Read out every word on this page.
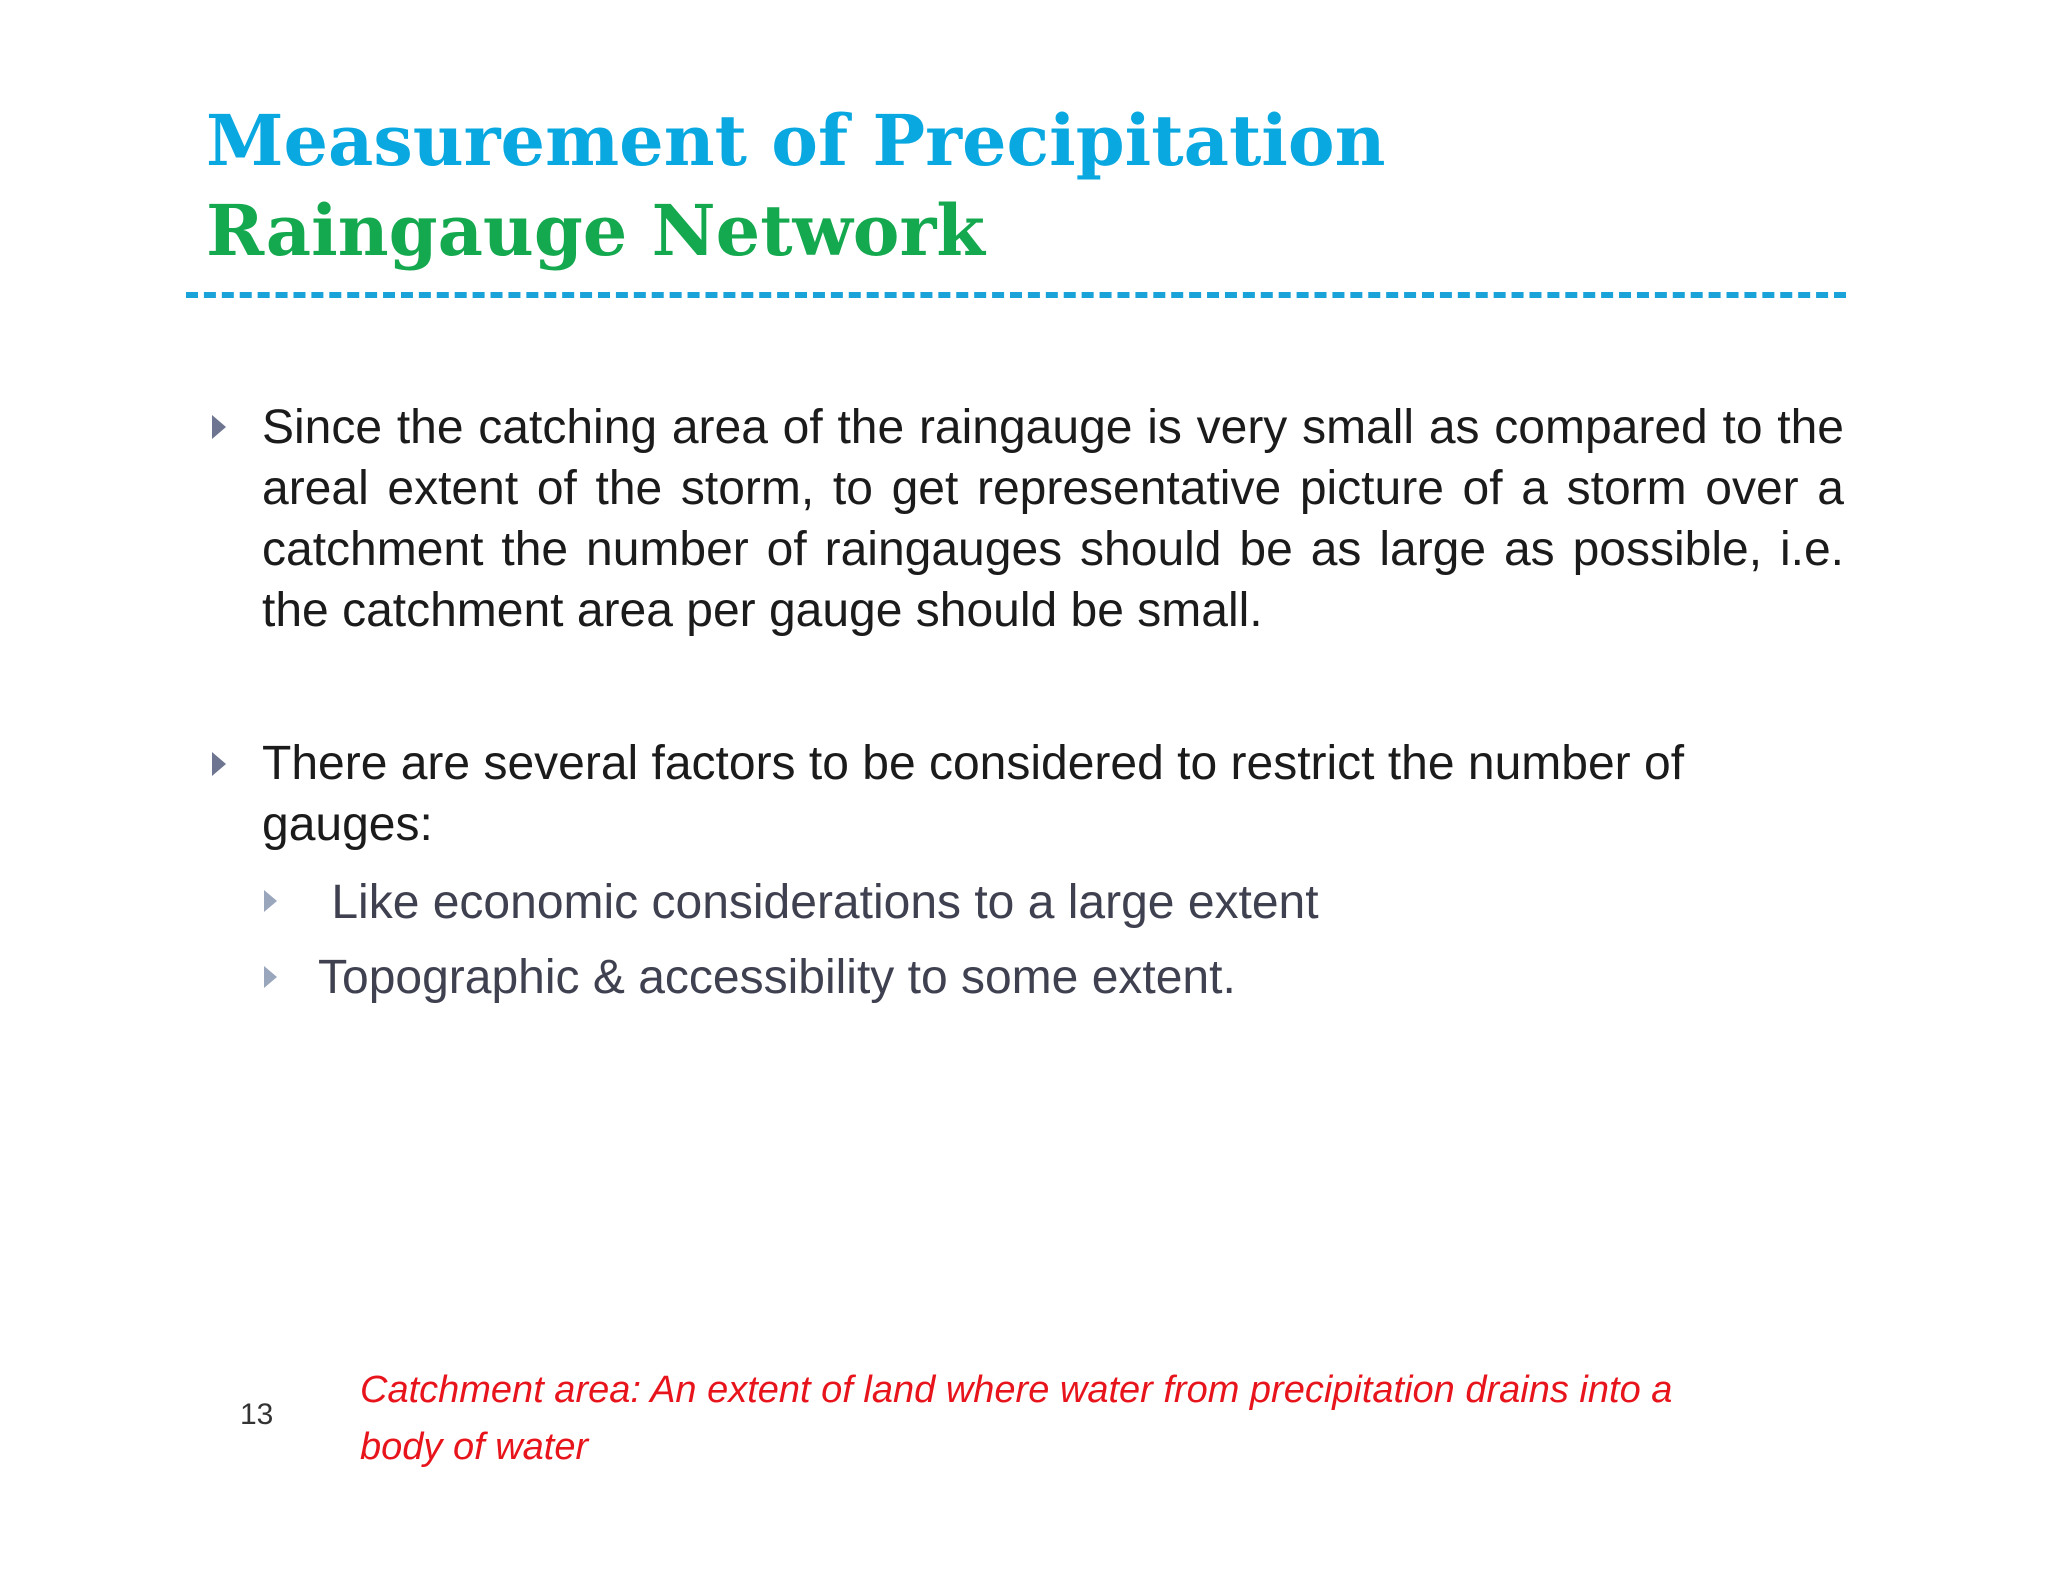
Measurement of Precipitation
Raingauge Network

Since the catching area of the raingauge is very small as compared to the areal extent of the storm, to get representative picture of a storm over a catchment the number of raingauges should be as large as possible, i.e. the catchment area per gauge should be small.

There are several factors to be considered to restrict the number of gauges:

Like economic considerations to a large extent

Topographic & accessibility to some extent.

13

Catchment area: An extent of land where water from precipitation drains into a body of water
